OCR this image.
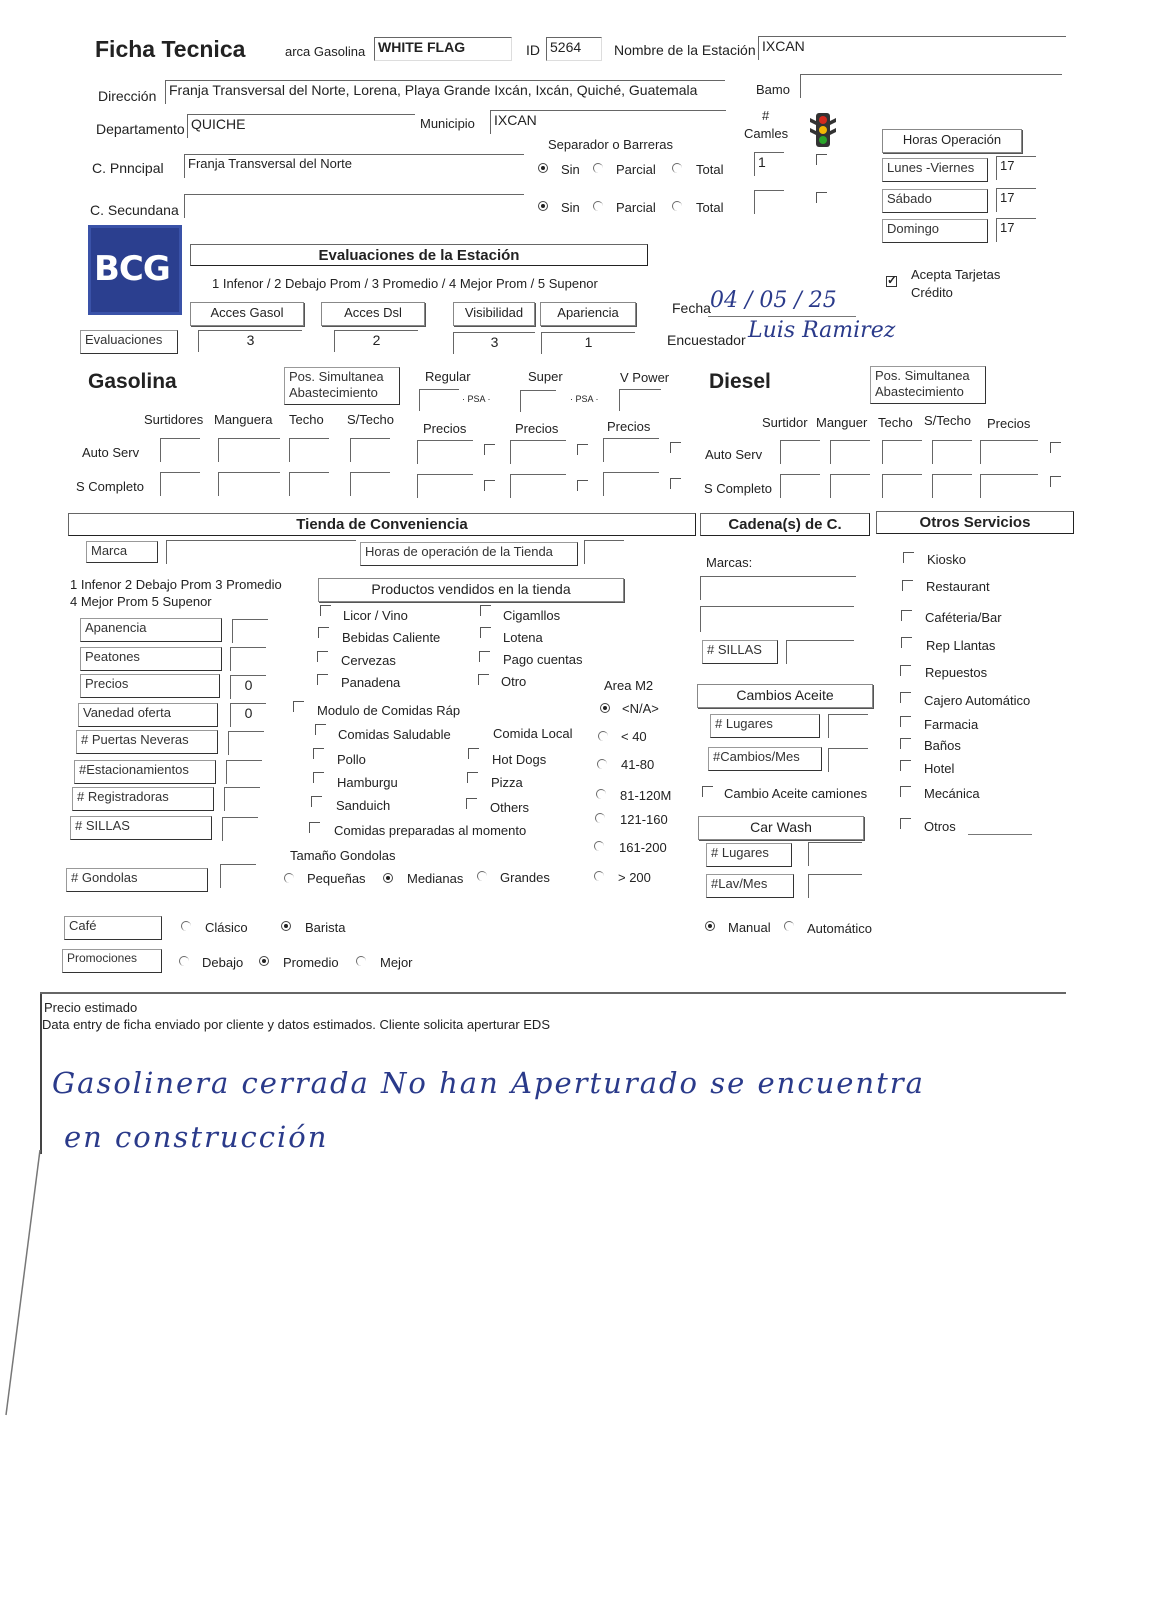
Ficha Tecnica	arca Gasolina WHITE FLAG	ID 5264	Nombre de la Estación IXCAN
Dirección Franja Transversal del Norte, Lorena, Playa Grande Ixcán, Ixcán, Quiché, Guatemala	Bamo
Departamento QUICHE	Municipio IXCAN	#
Camles
Separador o Barreras
C. Pnncipal	Franja Transversal del Norte	Sin	Parcial	Total 1
C. Secundana	Sin	Parcial	Total
Horas Operación
Lunes -Viernes	17
Sábado	17
Domingo	17
BCG	Evaluaciones de la Estación
1 Infenor / 2 Debajo Prom / 3 Promedio / 4 Mejor Prom / 5 Supenor
Acces Gasol	Acces Dsl	Visibilidad	Apariencia
Evaluaciones	3	2	3	1
✓
Acepta Tarjetas
Crédito
Fecha 04 / 05 / 25
Encuestador Luis Ramirez
Gasolina	Pos. Simultanea
Abastecimiento
Regular	Super	V Power
· PSA ·	· PSA ·
Surtidores Manguera Techo S/Techo
Precios	Precios	Precios
Auto Serv
S Completo
Diesel	Pos. Simultanea
Abastecimiento
Surtidor Manguer Techo S/Techo Precios
Auto Serv
S Completo
Tienda de Conveniencia	Cadena(s) de C.	Otros Servicios
Marca	Horas de operación de la Tienda
1 Infenor 2 Debajo Prom 3 Promedio
4 Mejor Prom 5 Supenor
Productos vendidos en la tienda
Apanencia
Peatones
Precios	0
Vanedad oferta	0
# Puertas Neveras
#Estacionamientos
# Registradoras
# SILLAS
Licor / Vino
Bebidas Caliente
Cervezas
Panadena
Cigamllos
Lotena
Pago cuentas
Otro
Modulo de Comidas Ráp
Comida Local
Comidas Saludable
Pollo
Hamburgu
Sanduich
Hot Dogs
Pizza
Others
Comidas preparadas al momento
Tamaño Gondolas
# Gondolas	Pequeñas	Medianas	Grandes
Area M2
<N/A>
< 40
41-80
81-120M
121-160
161-200
> 200
Café	Clásico	Barista
Promociones	Debajo	Promedio	Mejor
Marcas:
# SILLAS
Cambios Aceite
# Lugares
#Cambios/Mes
Cambio Aceite camiones
Car Wash
# Lugares
#Lav/Mes
Manual	Automático
Kiosko
Restaurant
Caféteria/Bar
Rep Llantas
Repuestos
Cajero Automático
Farmacia
Baños
Hotel
Mecánica
Otros
Precio estimado
Data entry de ficha enviado por cliente y datos estimados. Cliente solicita aperturar EDS
Gasolinera cerrada No han Aperturado se encuentra
en construcción
